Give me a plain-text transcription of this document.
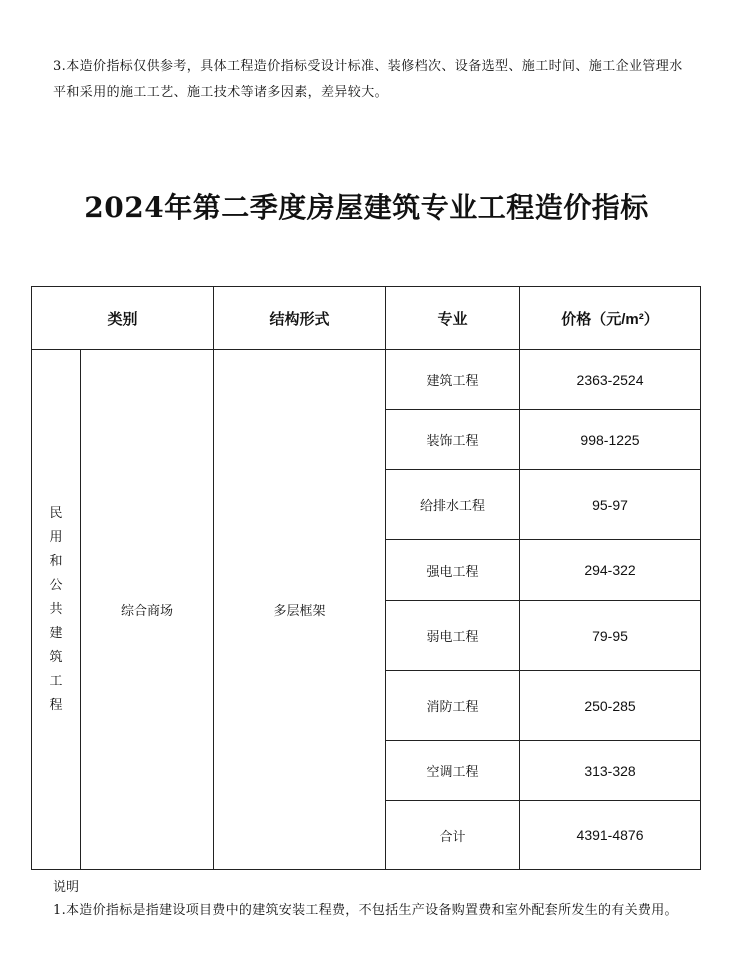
3.本造价指标仅供参考，具体工程造价指标受设计标准、装修档次、设备选型、施工时间、施工企业管理水平和采用的施工工艺、施工技术等诸多因素，差异较大。
2024年第二季度房屋建筑专业工程造价指标
类别		结构形式	专业	价格（元/m²）

民用和公共建筑工程	综合商场	多层框架	建筑工程	2363-2524
			装饰工程	998-1225
			给排水工程	95-97
			强电工程	294-322
			弱电工程	79-95
			消防工程	250-285
			空调工程	313-328
			合计	4391-4876
说明
1.本造价指标是指建设项目费中的建筑安装工程费，不包括生产设备购置费和室外配套所发生的有关费用。
